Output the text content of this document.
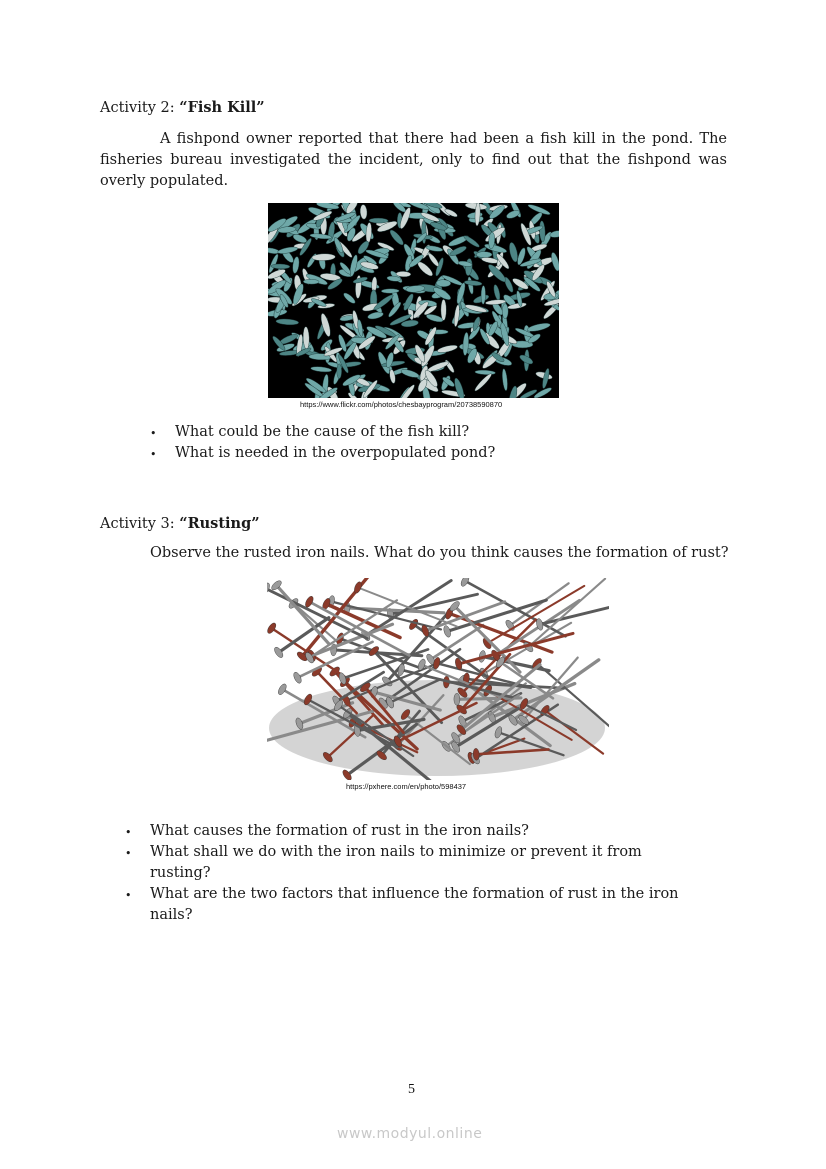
Activity 2: “Fish Kill”

A fishpond owner reported that there had been a fish kill in the pond. The fisheries bureau investigated the incident, only to find out that the fishpond was overly populated.

https://www.flickr.com/photos/chesbayprogram/20738590870
• What could be the cause of the fish kill?
• What is needed in the overpopulated pond?
Activity 3: “Rusting”

Observe the rusted iron nails. What do you think causes the formation of rust?

https://pxhere.com/en/photo/598437
• What causes the formation of rust in the iron nails?
• What shall we do with the iron nails to minimize or prevent it from rusting?
• What are the two factors that influence the formation of rust in the iron nails?
5
www.modyul.online
